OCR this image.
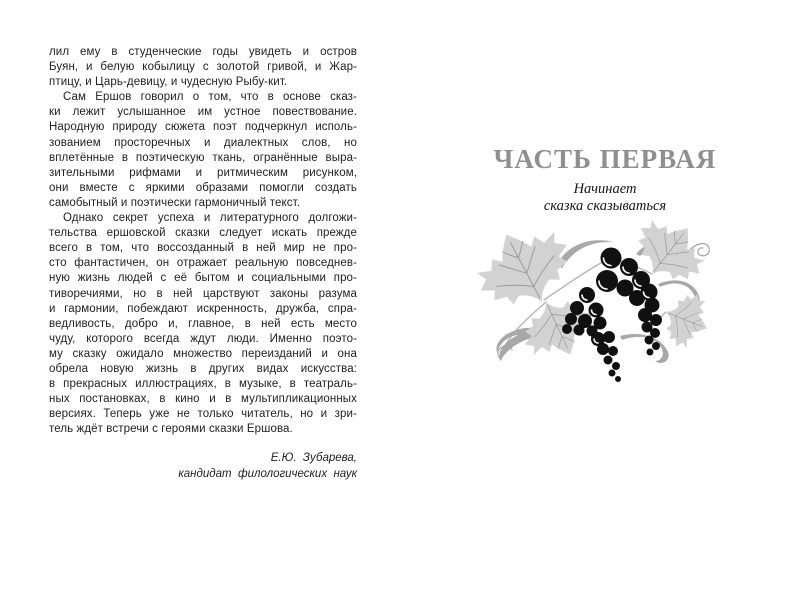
лил ему в студенческие годы увидеть и остров
Буян, и белую кобылицу с золотой гривой, и Жар-
птицу, и Царь-девицу, и чудесную Рыбу-кит.
Сам Ершов говорил о том, что в основе сказ-
ки лежит услышанное им устное повествование.
Народную природу сюжета поэт подчеркнул исполь-
зованием просторечных и диалектных слов, но
вплетённые в поэтическую ткань, огранённые выра-
зительными рифмами и ритмическим рисунком,
они вместе с яркими образами помогли создать
самобытный и поэтически гармоничный текст.
Однако секрет успеха и литературного долгожи-
тельства ершовской сказки следует искать прежде
всего в том, что воссозданный в ней мир не про-
сто фантастичен, он отражает реальную повседнев-
ную жизнь людей с её бытом и социальными про-
тиворечиями, но в ней царствуют законы разума
и гармонии, побеждают искренность, дружба, спра-
ведливость, добро и, главное, в ней есть место
чуду, которого всегда ждут люди. Именно поэто-
му сказку ожидало множество переизданий и она
обрела новую жизнь в других видах искусства:
в прекрасных иллюстрациях, в музыке, в театраль-
ных постановках, в кино и в мультипликационных
версиях. Теперь уже не только читатель, но и зри-
тель ждёт встречи с героями сказки Ершова.
Е.Ю.  Зубарева,
кандидат  филологических  наук
ЧАСТЬ ПЕРВАЯ
Начинает
сказка сказываться
